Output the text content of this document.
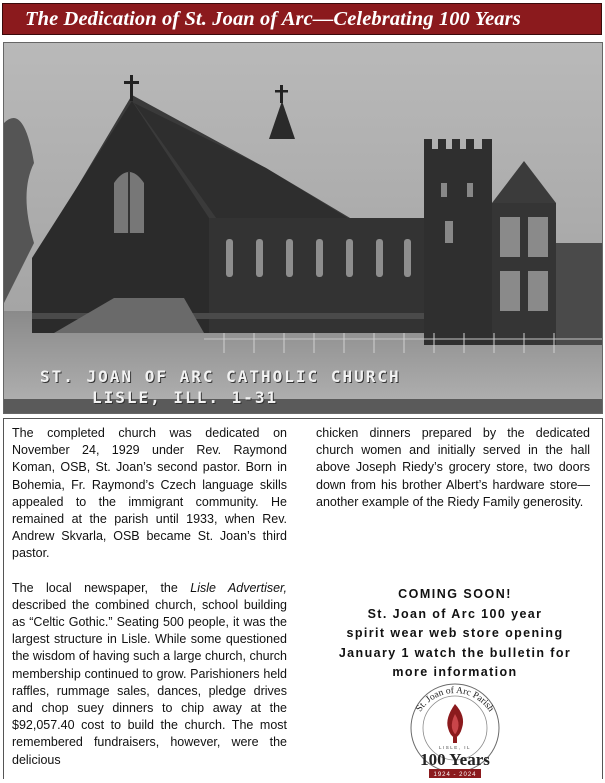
The Dedication of St. Joan of Arc—Celebrating 100 Years
ST. JOAN OF ARC CATHOLIC CHURCH
LISLE, ILL. 1-31

The completed church was dedicated on November 24, 1929 under Rev. Raymond Koman, OSB, St. Joan’s second pastor. Born in Bohemia, Fr. Raymond’s Czech language skills appealed to the immigrant community. He remained at the parish until 1933, when Rev. Andrew Skvarla, OSB became St. Joan’s third pastor.

The local newspaper, the Lisle Advertiser, described the combined church, school building as “Celtic Gothic.” Seating 500 people, it was the largest structure in Lisle. While some questioned the wisdom of having such a large church, church membership continued to grow. Parishioners held raffles, rummage sales, dances, pledge drives and chop suey dinners to chip away at the $92,057.40 cost to build the church. The most remembered fundraisers, however, were the delicious

chicken dinners prepared by the dedicated church women and initially served in the hall above Joseph Riedy’s grocery store, two doors down from his brother Albert’s hardware store—another example of the Riedy Family generosity.

COMING SOON!
St. Joan of Arc 100 year
spirit wear web store opening
January 1 watch the bulletin for
more information
St. Joan of Arc Parish
LISLE, IL
100 Years
1924 - 2024
